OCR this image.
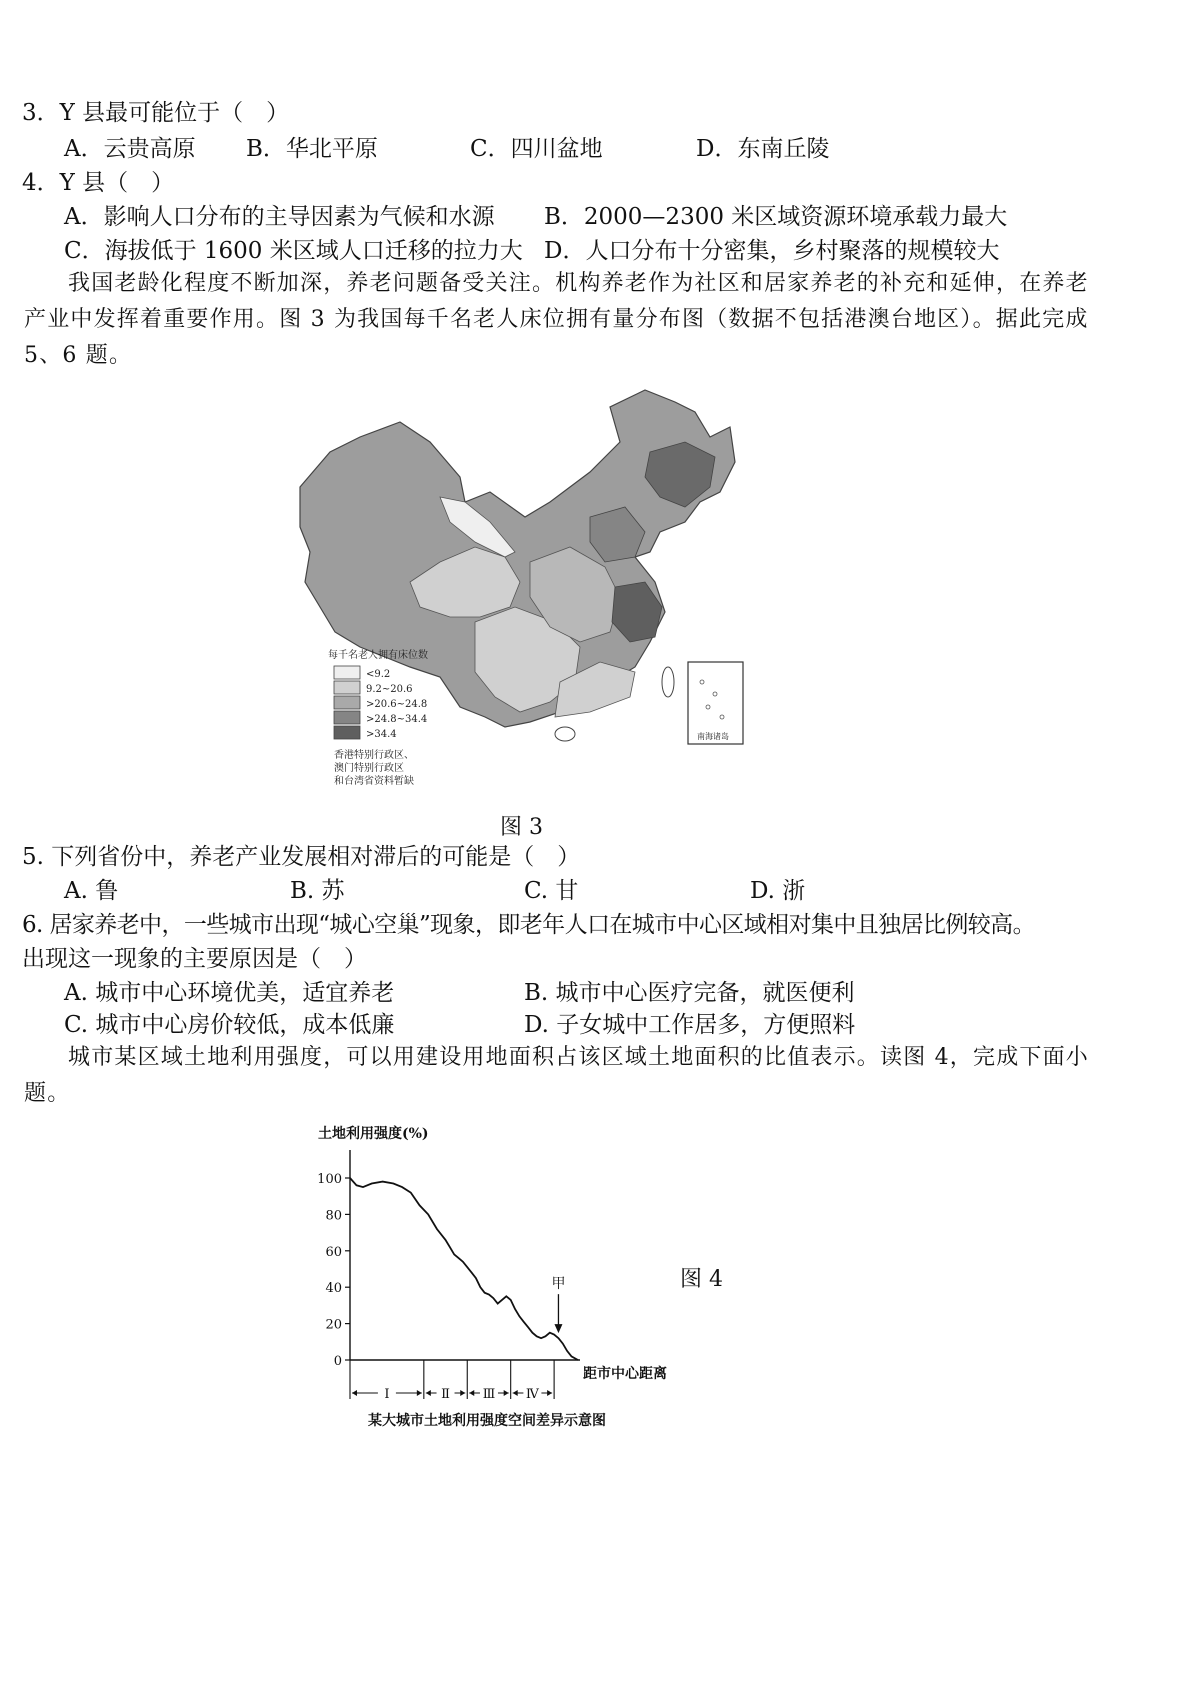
3．Y 县最可能位于（　）
A．云贵高原 B．华北平原	C．四川盆地	D．东南丘陵
4．Y 县（　）
A．影响人口分布的主导因素为气候和水源 B．2000—2300 米区域资源环境承载力最大
C．海拔低于 1600 米区域人口迁移的拉力大 D．人口分布十分密集，乡村聚落的规模较大
我国老龄化程度不断加深，养老问题备受关注。机构养老作为社区和居家养老的补充和延伸，在养老产业中发挥着重要作用。图 3 为我国每千名老人床位拥有量分布图（数据不包括港澳台地区）。据此完成 5、6 题。
南海诸岛
每千名老人拥有床位数
<9.2
9.2~20.6
>20.6~24.8
>24.8~34.4
>34.4
香港特别行政区、
澳门特别行政区
和台湾省资料暂缺
图 3
5. 下列省份中，养老产业发展相对滞后的可能是（　）
A. 鲁	B. 苏	C. 甘	D. 浙
6. 居家养老中，一些城市出现“城心空巢”现象，即老年人口在城市中心区域相对集中且独居比例较高。
出现这一现象的主要原因是（　）
A. 城市中心环境优美，适宜养老	B. 城市中心医疗完备，就医便利
C. 城市中心房价较低，成本低廉	D. 子女城中工作居多，方便照料
城市某区域土地利用强度，可以用建设用地面积占该区域土地面积的比值表示。读图 4，完成下面小题。
土地利用强度(%)
0
20
40
60
80
100
甲
Ⅰ	Ⅱ	Ⅲ Ⅳ
距市中心距离
某大城市土地利用强度空间差异示意图
图 4
